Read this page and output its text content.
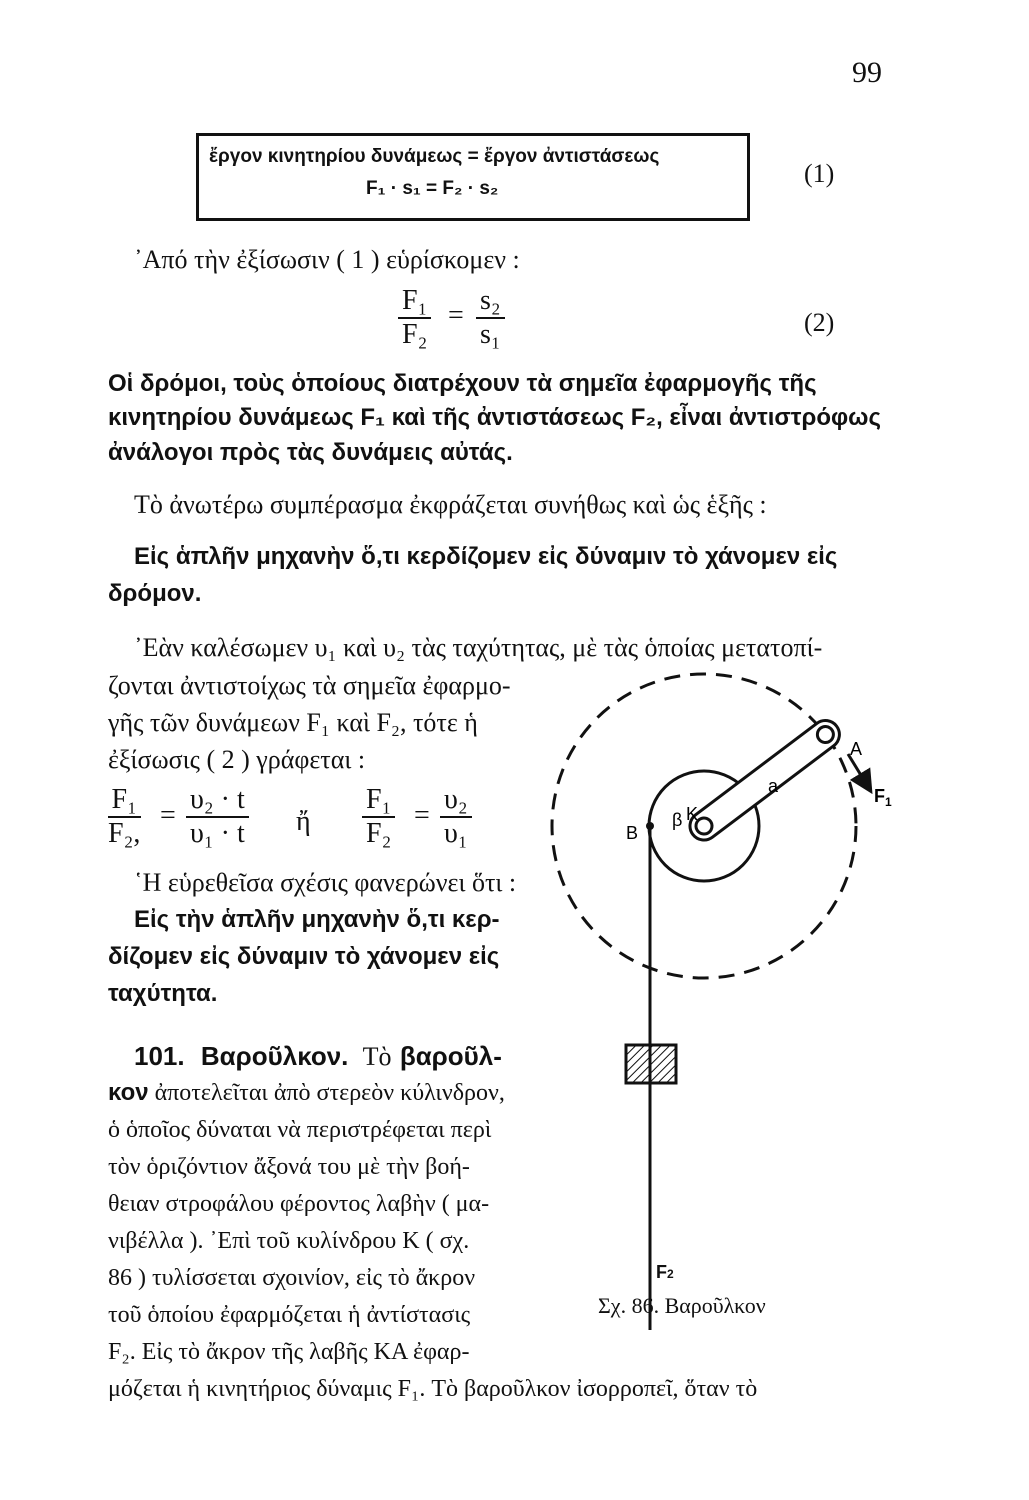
99
ἔργον κινητηρίου δυνάμεως = ἔργον ἀντιστάσεως
F₁ · s₁ = F₂ · s₂
(1)
᾿Από τὴν ἐξίσωσιν ( 1 ) εὑρίσκομεν :
$\frac{\text{F₁}}{\text{F₂}} = \frac{\text{s₂}}{\text{s₁}}$	(2)
Οἱ δρόμοι, τοὺς ὁποίους διατρέχουν τὰ σημεῖα ἐφαρμογῆς τῆς
κινητηρίου δυνάμεως F₁ καὶ τῆς ἀντιστάσεως F₂, εἶναι ἀντιστρόφως
ἀνάλογοι πρὸς τὰς δυνάμεις αὐτάς.
Τὸ ἀνωτέρω συμπέρασμα ἐκφράζεται συνήθως καὶ ὡς ἑξῆς :
Εἰς ἁπλῆν μηχανὴν ὅ,τι κερδίζομεν εἰς δύναμιν τὸ χάνομεν εἰς
δρόμον.
᾿Εὰν καλέσωμεν υ₁ καὶ υ₂ τὰς ταχύτητας, μὲ τὰς ὁποίας μετατοπί-
ζονται ἀντιστοίχως τὰ σημεῖα ἐφαρμο-
γῆς τῶν δυνάμεων F₁ καὶ F₂, τότε ἡ
ἐξίσωσις ( 2 ) γράφεται :
$\frac{\text{F₁}}{\text{F₂,}} = \frac{\text{υ₂ · t}}{\text{υ₁ · t}}$ ἤ $\frac{\text{F₁}}{\text{F₂}} = \frac{\text{υ₂}}{\text{υ₁}}$
῾Η εὑρεθεῖσα σχέσις φανερώνει ὅτι :
Εἰς τὴν ἁπλῆν μηχανὴν ὅ,τι κερ-
δίζομεν εἰς δύναμιν τὸ χάνομεν εἰς
ταχύτητα.
101. Βαροῦλκον. Τὸ βαροῦλ-
κον ἀποτελεῖται ἀπὸ στερεὸν κύλινδρον,
ὁ ὁποῖος δύναται νὰ περιστρέφεται περὶ
τὸν ὁριζόντιον ἄξονά του μὲ τὴν βοή-
θειαν στροφάλου φέροντος λαβὴν ( μα-
νιβέλλα ). ᾿Επὶ τοῦ κυλίνδρου Κ ( σχ.
86 ) τυλίσσεται σχοινίον, εἰς τὸ ἄκρον
τοῦ ὁποίου ἐφαρμόζεται ἡ ἀντίστασις
F₂. Εἰς τὸ ἄκρον τῆς λαβῆς ΚΑ ἐφαρ-
μόζεται ἡ κινητήριος δύναμις F₁. Τὸ βαροῦλκον ἰσορροπεῖ, ὅταν τὸ
A
B
β K
a	$F_1$
F2
Σχ. 86. Βαροῦλκον
